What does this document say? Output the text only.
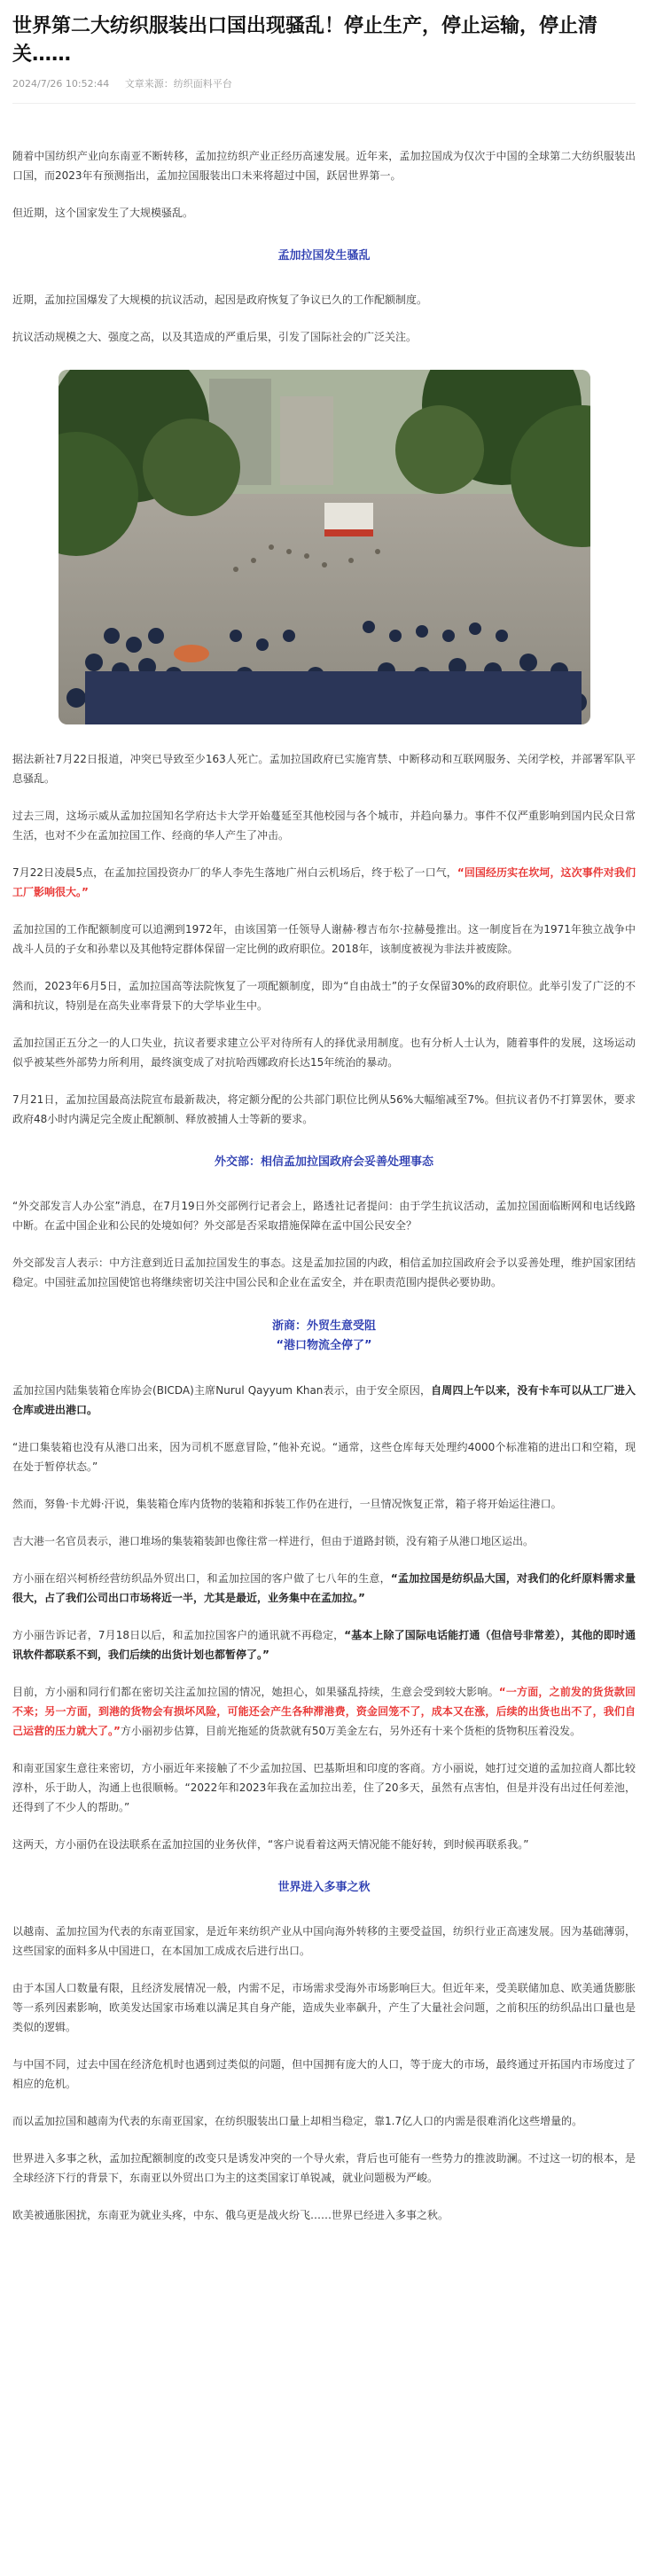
世界第二大纺织服装出口国出现骚乱！停止生产，停止运输，停止清关……
2024/7/26 10:52:44 文章来源：纺织面料平台

随着中国纺织产业向东南亚不断转移，孟加拉纺织产业正经历高速发展。近年来，孟加拉国成为仅次于中国的全球第二大纺织服装出口国，而2023年有预测指出，孟加拉国服装出口未来将超过中国，跃居世界第一。

但近期，这个国家发生了大规模骚乱。

孟加拉国发生骚乱

近期，孟加拉国爆发了大规模的抗议活动，起因是政府恢复了争议已久的工作配额制度。

抗议活动规模之大、强度之高，以及其造成的严重后果，引发了国际社会的广泛关注。

据法新社7月22日报道，冲突已导致至少163人死亡。孟加拉国政府已实施宵禁、中断移动和互联网服务、关闭学校，并部署军队平息骚乱。

过去三周，这场示威从孟加拉国知名学府达卡大学开始蔓延至其他校园与各个城市，并趋向暴力。事件不仅严重影响到国内民众日常生活，也对不少在孟加拉国工作、经商的华人产生了冲击。

7月22日凌晨5点，在孟加拉国投资办厂的华人李先生落地广州白云机场后，终于松了一口气，“回国经历实在坎坷，这次事件对我们工厂影响很大。”

孟加拉国的工作配额制度可以追溯到1972年，由该国第一任领导人谢赫·穆吉布尔·拉赫曼推出。这一制度旨在为1971年独立战争中战斗人员的子女和孙辈以及其他特定群体保留一定比例的政府职位。2018年，该制度被视为非法并被废除。

然而，2023年6月5日，孟加拉国高等法院恢复了一项配额制度，即为“自由战士”的子女保留30%的政府职位。此举引发了广泛的不满和抗议，特别是在高失业率背景下的大学毕业生中。

孟加拉国正五分之一的人口失业，抗议者要求建立公平对待所有人的择优录用制度。也有分析人士认为，随着事件的发展，这场运动似乎被某些外部势力所利用，最终演变成了对抗哈西娜政府长达15年统治的暴动。

7月21日，孟加拉国最高法院宣布最新裁决，将定额分配的公共部门职位比例从56%大幅缩减至7%。但抗议者仍不打算罢休，要求政府48小时内满足完全废止配额制、释放被捕人士等新的要求。

外交部：相信孟加拉国政府会妥善处理事态

“外交部发言人办公室”消息，在7月19日外交部例行记者会上，路透社记者提问：由于学生抗议活动，孟加拉国面临断网和电话线路中断。在孟中国企业和公民的处境如何？外交部是否采取措施保障在孟中国公民安全？

外交部发言人表示：中方注意到近日孟加拉国发生的事态。这是孟加拉国的内政，相信孟加拉国政府会予以妥善处理，维护国家团结稳定。中国驻孟加拉国使馆也将继续密切关注中国公民和企业在孟安全，并在职责范围内提供必要协助。

浙商：外贸生意受阻
“港口物流全停了”

孟加拉国内陆集装箱仓库协会(BICDA)主席Nurul Qayyum Khan表示，由于安全原因，自周四上午以来，没有卡车可以从工厂进入仓库或进出港口。

“进口集装箱也没有从港口出来，因为司机不愿意冒险，”他补充说。“通常，这些仓库每天处理约4000个标准箱的进出口和空箱，现在处于暂停状态。”

然而，努鲁·卡尤姆·汗说，集装箱仓库内货物的装箱和拆装工作仍在进行，一旦情况恢复正常，箱子将开始运往港口。

吉大港一名官员表示，港口堆场的集装箱装卸也像往常一样进行，但由于道路封锁，没有箱子从港口地区运出。

方小丽在绍兴柯桥经营纺织品外贸出口，和孟加拉国的客户做了七八年的生意，“孟加拉国是纺织品大国，对我们的化纤原料需求量很大，占了我们公司出口市场将近一半，尤其是最近，业务集中在孟加拉。”

方小丽告诉记者，7月18日以后，和孟加拉国客户的通讯就不再稳定，“基本上除了国际电话能打通（但信号非常差），其他的即时通讯软件都联系不到，我们后续的出货计划也都暂停了。”

目前，方小丽和同行们都在密切关注孟加拉国的情况，她担心，如果骚乱持续，生意会受到较大影响。“一方面，之前发的货货款回不来；另一方面，到港的货物会有损坏风险，可能还会产生各种滞港费，资金回笼不了，成本又在涨，后续的出货也出不了，我们自己运营的压力就大了。”方小丽初步估算，目前光拖延的货款就有50万美金左右，另外还有十来个货柜的货物积压着没发。

和南亚国家生意往来密切，方小丽近年来接触了不少孟加拉国、巴基斯坦和印度的客商。方小丽说，她打过交道的孟加拉商人都比较淳朴，乐于助人，沟通上也很顺畅。“2022年和2023年我在孟加拉出差，住了20多天，虽然有点害怕，但是并没有出过任何差池，还得到了不少人的帮助。”

这两天，方小丽仍在设法联系在孟加拉国的业务伙伴，“客户说看着这两天情况能不能好转，到时候再联系我。”

世界进入多事之秋

以越南、孟加拉国为代表的东南亚国家，是近年来纺织产业从中国向海外转移的主要受益国，纺织行业正高速发展。因为基础薄弱，这些国家的面料多从中国进口，在本国加工成成衣后进行出口。

由于本国人口数量有限，且经济发展情况一般，内需不足，市场需求受海外市场影响巨大。但近年来，受美联储加息、欧美通货膨胀等一系列因素影响，欧美发达国家市场难以满足其自身产能，造成失业率飙升，产生了大量社会问题，之前积压的纺织品出口量也是类似的逻辑。

与中国不同，过去中国在经济危机时也遇到过类似的问题，但中国拥有庞大的人口，等于庞大的市场，最终通过开拓国内市场度过了相应的危机。

而以孟加拉国和越南为代表的东南亚国家，在纺织服装出口量上却相当稳定，靠1.7亿人口的内需是很难消化这些增量的。

世界进入多事之秋，孟加拉配额制度的改变只是诱发冲突的一个导火索，背后也可能有一些势力的推波助澜。不过这一切的根本，是全球经济下行的背景下，东南亚以外贸出口为主的这类国家订单锐减，就业问题极为严峻。

欧美被通胀困扰，东南亚为就业头疼，中东、俄乌更是战火纷飞……世界已经进入多事之秋。
